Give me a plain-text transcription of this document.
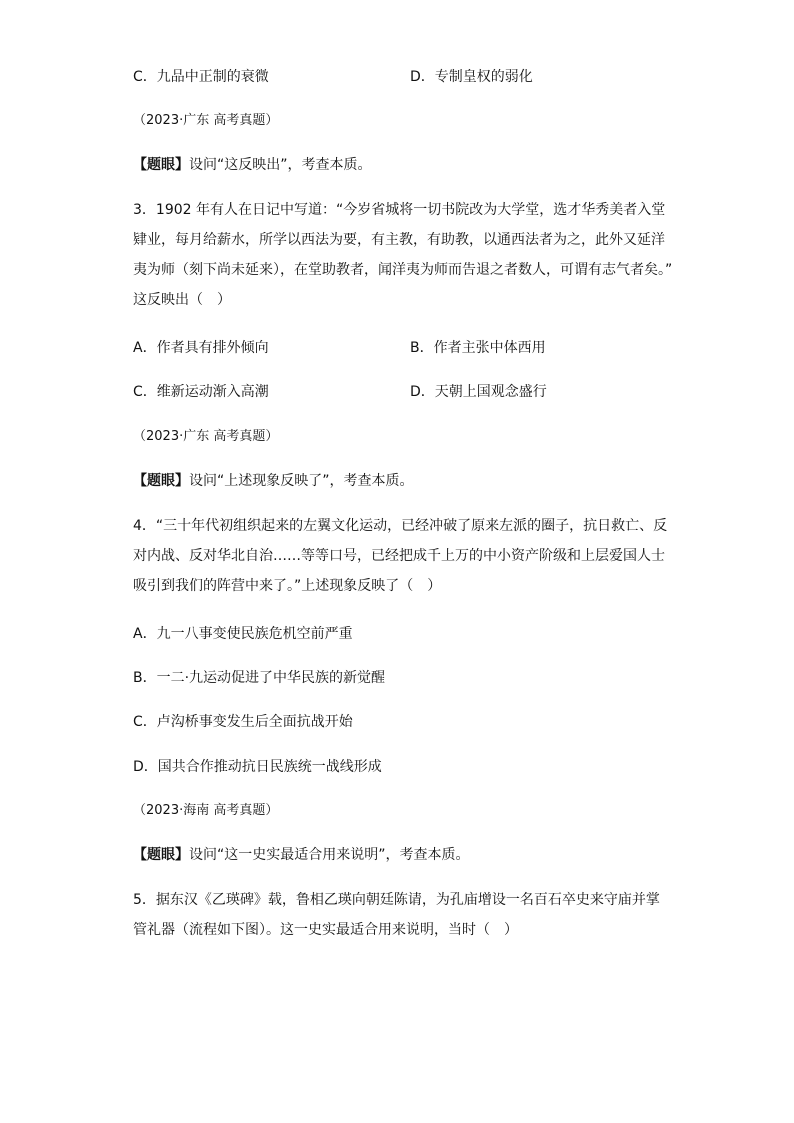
C．九品中正制的衰微	D．专制皇权的弱化
（2023·广东 高考真题）
【题眼】设问“这反映出”，考查本质。
3．1902 年有人在日记中写道：“今岁省城将一切书院改为大学堂，选才华秀美者入堂
肄业，每月给薪水，所学以西法为要，有主教，有助教，以通西法者为之，此外又延洋
夷为师（刻下尚未延来），在堂助教者，闻洋夷为师而告退之者数人，可谓有志气者矣。”
这反映出（　）
A．作者具有排外倾向	B．作者主张中体西用
C．维新运动渐入高潮	D．天朝上国观念盛行
（2023·广东 高考真题）
【题眼】设问“上述现象反映了”，考查本质。
4．“三十年代初组织起来的左翼文化运动，已经冲破了原来左派的圈子，抗日救亡、反
对内战、反对华北自治……等等口号，已经把成千上万的中小资产阶级和上层爱国人士
吸引到我们的阵营中来了。”上述现象反映了（　）
A．九一八事变使民族危机空前严重
B．一二·九运动促进了中华民族的新觉醒
C．卢沟桥事变发生后全面抗战开始
D．国共合作推动抗日民族统一战线形成
（2023·海南 高考真题）
【题眼】设问“这一史实最适合用来说明”，考查本质。
5．据东汉《乙瑛碑》载，鲁相乙瑛向朝廷陈请，为孔庙增设一名百石卒史来守庙并掌
管礼器（流程如下图）。这一史实最适合用来说明，当时（　）
